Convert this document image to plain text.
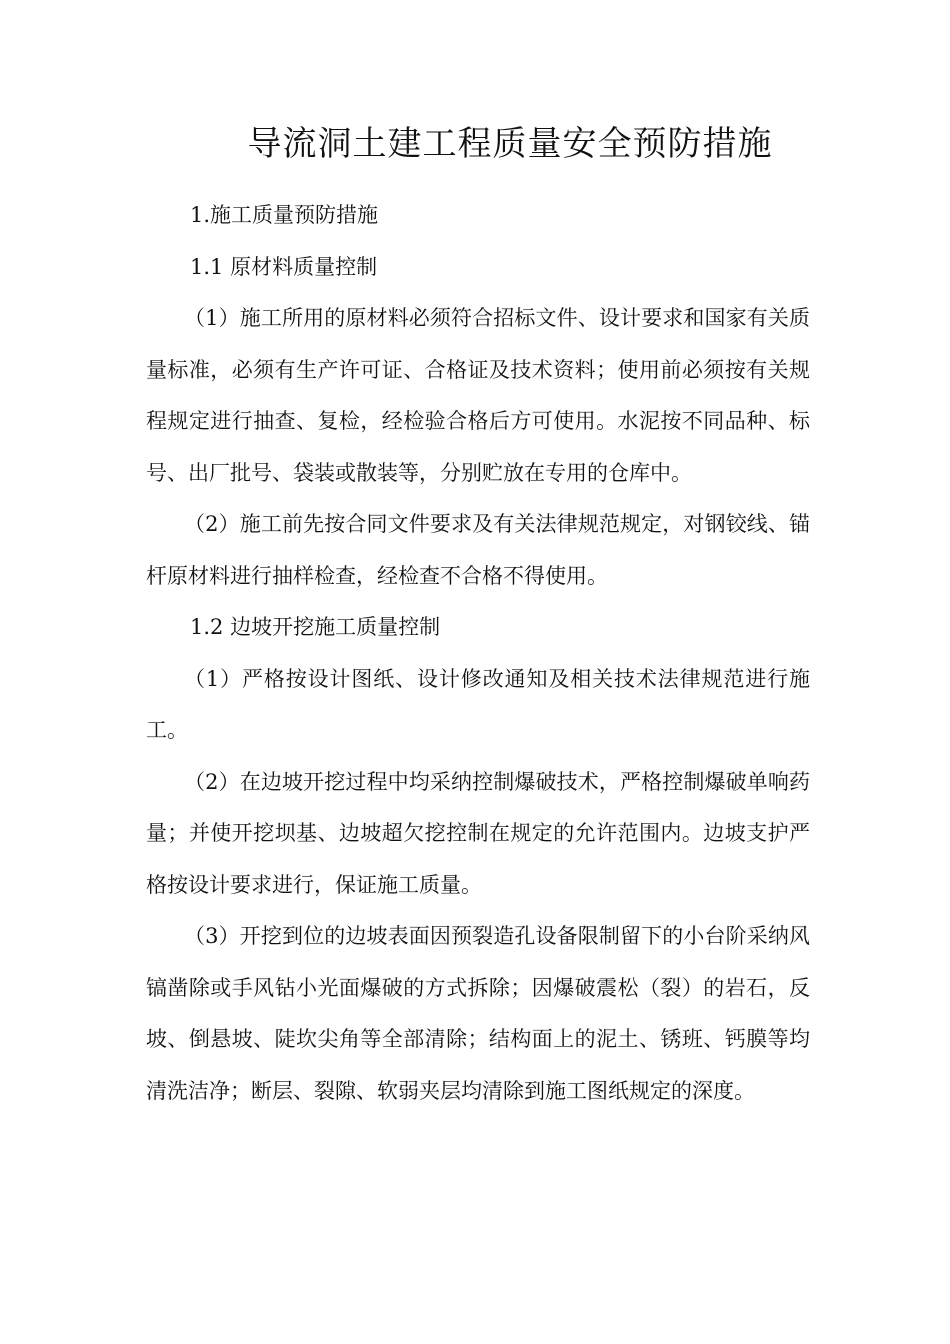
导流洞土建工程质量安全预防措施

1.施工质量预防措施

1.1 原材料质量控制

（1）施工所用的原材料必须符合招标文件、设计要求和国家有关质量标准，必须有生产许可证、合格证及技术资料；使用前必须按有关规程规定进行抽查、复检，经检验合格后方可使用。水泥按不同品种、标号、出厂批号、袋装或散装等，分别贮放在专用的仓库中。

（2）施工前先按合同文件要求及有关法律规范规定，对钢铰线、锚杆原材料进行抽样检查，经检查不合格不得使用。

1.2 边坡开挖施工质量控制

（1）严格按设计图纸、设计修改通知及相关技术法律规范进行施工。

（2）在边坡开挖过程中均采纳控制爆破技术，严格控制爆破单响药量；并使开挖坝基、边坡超欠挖控制在规定的允许范围内。边坡支护严格按设计要求进行，保证施工质量。

（3）开挖到位的边坡表面因预裂造孔设备限制留下的小台阶采纳风镐凿除或手风钻小光面爆破的方式拆除；因爆破震松（裂）的岩石，反坡、倒悬坡、陡坎尖角等全部清除；结构面上的泥土、锈班、钙膜等均清洗洁净；断层、裂隙、软弱夹层均清除到施工图纸规定的深度。
